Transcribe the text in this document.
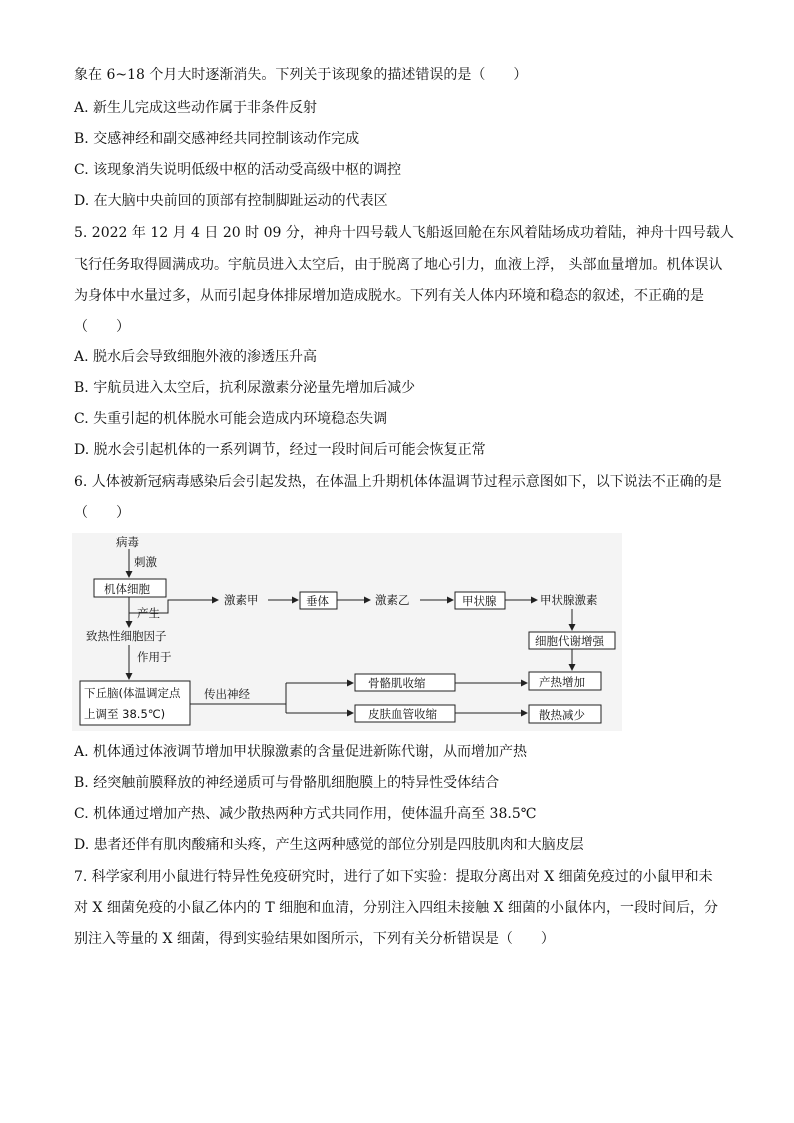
象在 6~18 个月大时逐渐消失。下列关于该现象的描述错误的是（　　）
A. 新生儿完成这些动作属于非条件反射
B. 交感神经和副交感神经共同控制该动作完成
C. 该现象消失说明低级中枢的活动受高级中枢的调控
D. 在大脑中央前回的顶部有控制脚趾运动的代表区
5. 2022 年 12 月 4 日 20 时 09 分，神舟十四号载人飞船返回舱在东风着陆场成功着陆，神舟十四号载人
飞行任务取得圆满成功。宇航员进入太空后，由于脱离了地心引力，血液上浮， 头部血量增加。机体误认
为身体中水量过多，从而引起身体排尿增加造成脱水。下列有关人体内环境和稳态的叙述，不正确的是
（　　）
A. 脱水后会导致细胞外液的渗透压升高
B. 宇航员进入太空后，抗利尿激素分泌量先增加后减少
C. 失重引起的机体脱水可能会造成内环境稳态失调
D. 脱水会引起机体的一系列调节，经过一段时间后可能会恢复正常
6. 人体被新冠病毒感染后会引起发热，在体温上升期机体体温调节过程示意图如下，以下说法不正确的是
（　　）
病毒
刺激
机体细胞
产生
致热性细胞因子
作用于
下丘脑(体温调定点
上调至 38.5℃)
激素甲	垂体	激素乙	甲状腺	甲状腺激素
细胞代谢增强
传出神经
骨骼肌收缩
皮肤血管收缩
产热增加
散热减少
A. 机体通过体液调节增加甲状腺激素的含量促进新陈代谢，从而增加产热
B. 经突触前膜释放的神经递质可与骨骼肌细胞膜上的特异性受体结合
C. 机体通过增加产热、减少散热两种方式共同作用，使体温升高至 38.5℃
D. 患者还伴有肌肉酸痛和头疼，产生这两种感觉的部位分别是四肢肌肉和大脑皮层
7. 科学家利用小鼠进行特异性免疫研究时，进行了如下实验：提取分离出对 X 细菌免疫过的小鼠甲和未
对 X 细菌免疫的小鼠乙体内的 T 细胞和血清，分别注入四组未接触 X 细菌的小鼠体内，一段时间后，分
别注入等量的 X 细菌，得到实验结果如图所示，下列有关分析错误是（　　）
